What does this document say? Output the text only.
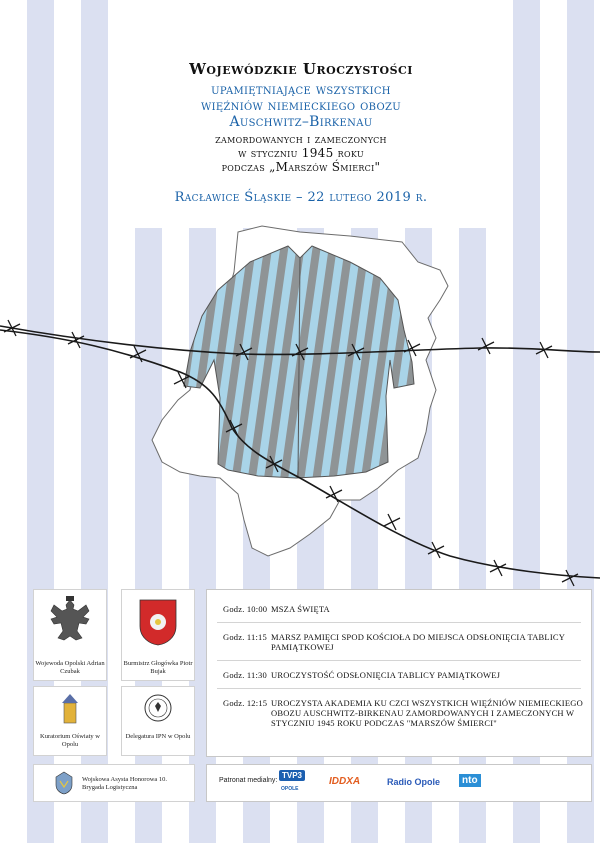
Wojewódzkie Uroczystości
upamiętniające wszystkich
więźniów niemieckiego obozu
Auschwitz–Birkenau
zamordowanych i zameczonych
w styczniu 1945 roku
podczas „Marszów Śmierci"
Racławice Śląskie – 22 lutego 2019 r.
Wojewoda Opolski Adrian Czubak
Burmistrz Głogówka Piotr Bujak
Kuratorium Oświaty w Opolu
Delegatura IPN w Opolu
Wojskowa Asysta Honorowa 10. Brygada Logistyczna
Godz. 10:00 MSZA ŚWIĘTA
Godz. 11:15 MARSZ PAMIĘCI SPOD KOŚCIOŁA DO MIEJSCA ODSŁONIĘCIA TABLICY PAMIĄTKOWEJ
Godz. 11:30 UROCZYSTOŚĆ ODSŁONIĘCIA TABLICY PAMIĄTKOWEJ
Godz. 12:15 UROCZYSTA AKADEMIA KU CZCI WSZYSTKICH WIĘŹNIÓW NIEMIECKIEGO OBOZU AUSCHWITZ-BIRKENAU ZAMORDOWANYCH I ZAMECZONYCH W STYCZNIU 1945 ROKU PODCZAS "MARSZÓW ŚMIERCI"
Patronat medialny:
TVP3
OPOLE
IDDXA	Radio Opole	nto
